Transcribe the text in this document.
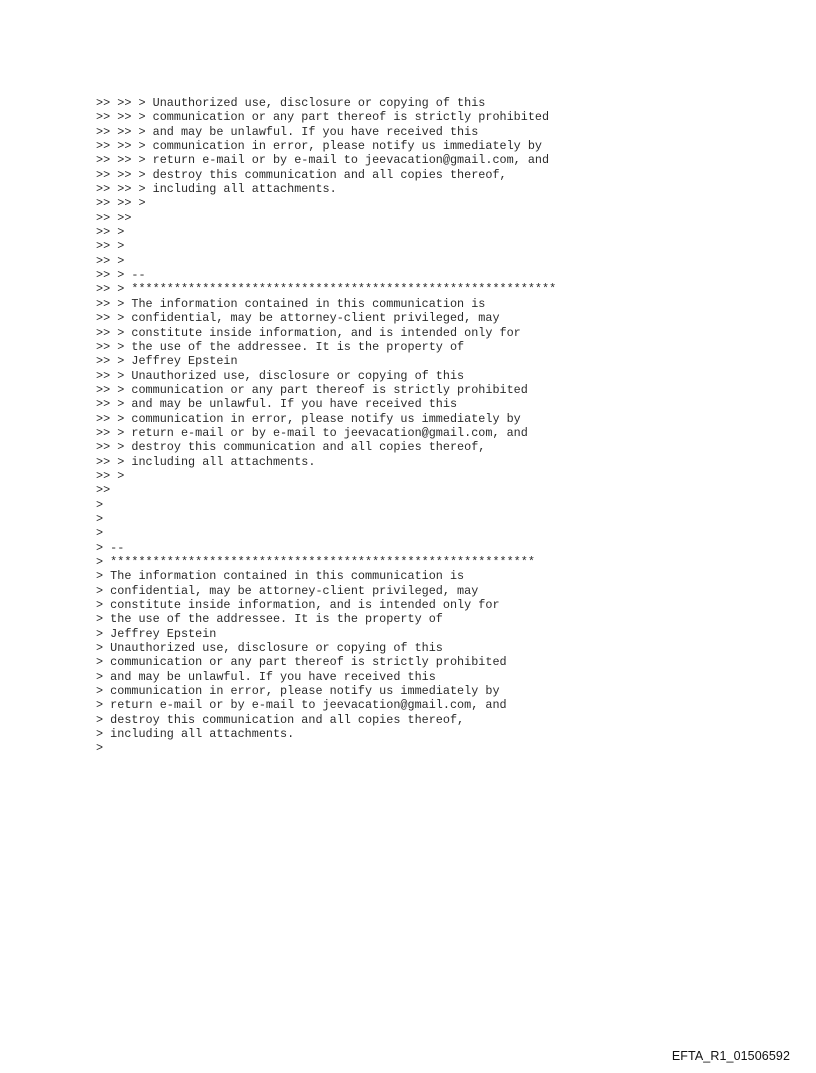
>> >> > Unauthorized use, disclosure or copying of this
>> >> > communication or any part thereof is strictly prohibited
>> >> > and may be unlawful. If you have received this
>> >> > communication in error, please notify us immediately by
>> >> > return e-mail or by e-mail to jeevacation@gmail.com, and
>> >> > destroy this communication and all copies thereof,
>> >> > including all attachments.
>> >> >
>> >>
>> >
>> >
>> >
>> > --
>> > ************************************************************
>> > The information contained in this communication is
>> > confidential, may be attorney-client privileged, may
>> > constitute inside information, and is intended only for
>> > the use of the addressee. It is the property of
>> > Jeffrey Epstein
>> > Unauthorized use, disclosure or copying of this
>> > communication or any part thereof is strictly prohibited
>> > and may be unlawful. If you have received this
>> > communication in error, please notify us immediately by
>> > return e-mail or by e-mail to jeevacation@gmail.com, and
>> > destroy this communication and all copies thereof,
>> > including all attachments.
>> >
>>
>
>
>
> --
> ************************************************************
> The information contained in this communication is
> confidential, may be attorney-client privileged, may
> constitute inside information, and is intended only for
> the use of the addressee. It is the property of
> Jeffrey Epstein
> Unauthorized use, disclosure or copying of this
> communication or any part thereof is strictly prohibited
> and may be unlawful. If you have received this
> communication in error, please notify us immediately by
> return e-mail or by e-mail to jeevacation@gmail.com, and
> destroy this communication and all copies thereof,
> including all attachments.
>
EFTA_R1_01506592
